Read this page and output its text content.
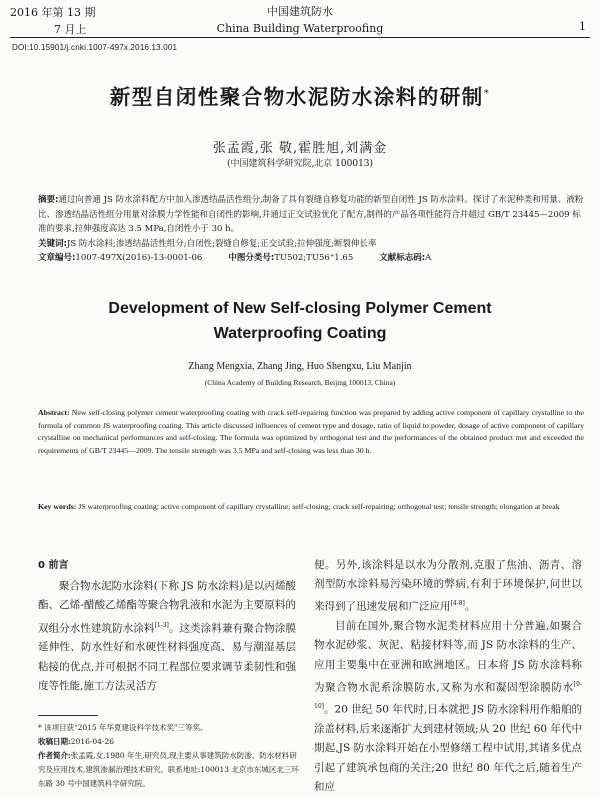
2016 年第 13 期
7 月上
中国建筑防水
China Building Waterproofing	1
DOI:10.15901/j.cnki.1007-497x.2016.13.001
新型自闭性聚合物水泥防水涂料的研制*
张孟霞,张 敬,霍胜旭,刘满金
(中国建筑科学研究院,北京 100013)

摘要:通过向普通 JS 防水涂料配方中加入渗透结晶活性组分,制备了具有裂缝自修复功能的新型自闭性 JS 防水涂料。探讨了水泥种类和用量、液粉比、渗透结晶活性组分用量对涂膜力学性能和自闭性的影响,并通过正交试验优化了配方,制得的产品各项性能符合并超过 GB/T 23445—2009 标准的要求,拉伸强度高达 3.5 MPa,自闭性小于 30 h。

关键词:JS 防水涂料;渗透结晶活性组分;自闭性;裂缝自修复;正交试验;拉伸强度;断裂伸长率

文章编号:1007-497X(2016)-13-0001-06	中图分类号:TU502;TU56⁺1.65	文献标志码:A

Development of New Self-closing Polymer Cement
Waterproofing Coating
Zhang Mengxia, Zhang Jing, Huo Shengxu, Liu Manjin
(China Academy of Building Research, Beijing 100013, China)

Abstract: New self-closing polymer cement waterproofing coating with crack self-repairing function was prepared by adding active component of capillary crystalline to the formula of common JS waterproofing coating. This article discussed influences of cement type and dosage, ratio of liquid to powder, dosage of active component of capillary crystalline on mechanical performances and self-closing. The formula was optimized by orthogonal test and the performances of the obtained product met and exceeded the requirements of GB/T 23445—2009. The tensile strength was 3.5 MPa and self-closing was less than 30 h.

Key words: JS waterproofing coating; active component of capillary crystalline; self-closing; crack self-repairing; orthogonal test; tensile strength; elongation at break

0 前言

聚合物水泥防水涂料(下称 JS 防水涂料)是以丙烯酸酯、乙烯-醋酸乙烯酯等聚合物乳液和水泥为主要原料的双组分水性建筑防水涂料[1-3]。这类涂料兼有聚合物涂膜延伸性、防水性好和水硬性材料强度高、易与潮湿基层粘接的优点,并可根据不同工程部位要求调节柔韧性和强度等性能,施工方法灵活方

便。另外,该涂料是以水为分散剂,克服了焦油、沥青、溶剂型防水涂料易污染环境的弊病,有利于环境保护,问世以来得到了迅速发展和广泛应用[4-8]。

目前在国外,聚合物水泥类材料应用十分普遍,如聚合物水泥砂浆、灰泥、粘接材料等,而 JS 防水涂料的生产、应用主要集中在亚洲和欧洲地区。日本将 JS 防水涂料称为聚合物水泥系涂膜防水,又称为水和凝固型涂膜防水[9-10]。20 世纪 50 年代时,日本就把 JS 防水涂料用作船舶的涂盖材料,后来逐渐扩大到建材领域;从 20 世纪 60 年代中期起,JS 防水涂料开始在小型修缮工程中试用,其诸多优点引起了建筑承包商的关注;20 世纪 80 年代之后,随着生产和应

* 该项目获"2015 年华夏建设科学技术奖"三等奖。

收稿日期:2016-04-26

作者简介:张孟霞,女,1980 年生,研究员,现主要从事建筑防水防渗、防水材料研究及应用技术,建筑渗漏治理技术研究。联系地址:100013 北京市东城区北三环东路 30 号中国建筑科学研究院。
